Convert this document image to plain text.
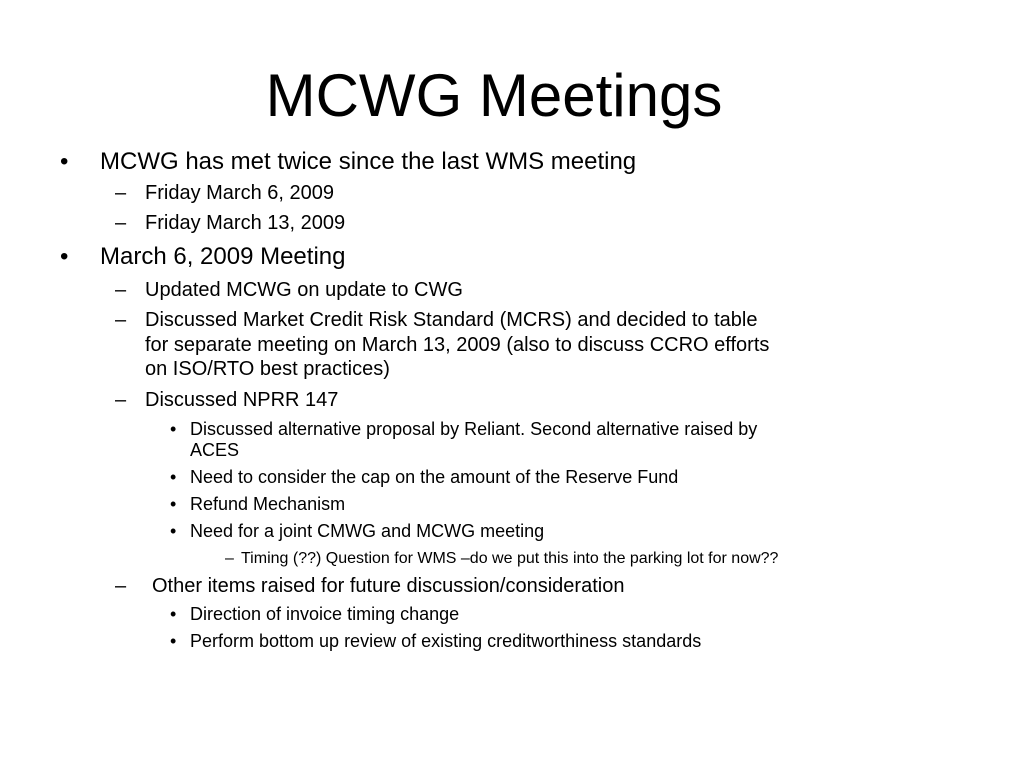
MCWG Meetings
• MCWG has met twice since the last WMS meeting
– Friday March 6, 2009
– Friday March 13, 2009
• March 6, 2009 Meeting
– Updated MCWG on update to CWG
– Discussed Market Credit Risk Standard (MCRS) and decided to table
for separate meeting on March 13, 2009 (also to discuss CCRO efforts
on ISO/RTO best practices)
– Discussed NPRR 147
• Discussed alternative proposal by Reliant. Second alternative raised by
ACES
• Need to consider the cap on the amount of the Reserve Fund
• Refund Mechanism
• Need for a joint CMWG and MCWG meeting
– Timing (??) Question for WMS –do we put this into the parking lot for now??
– Other items raised for future discussion/consideration
• Direction of invoice timing change
• Perform bottom up review of existing creditworthiness standards
